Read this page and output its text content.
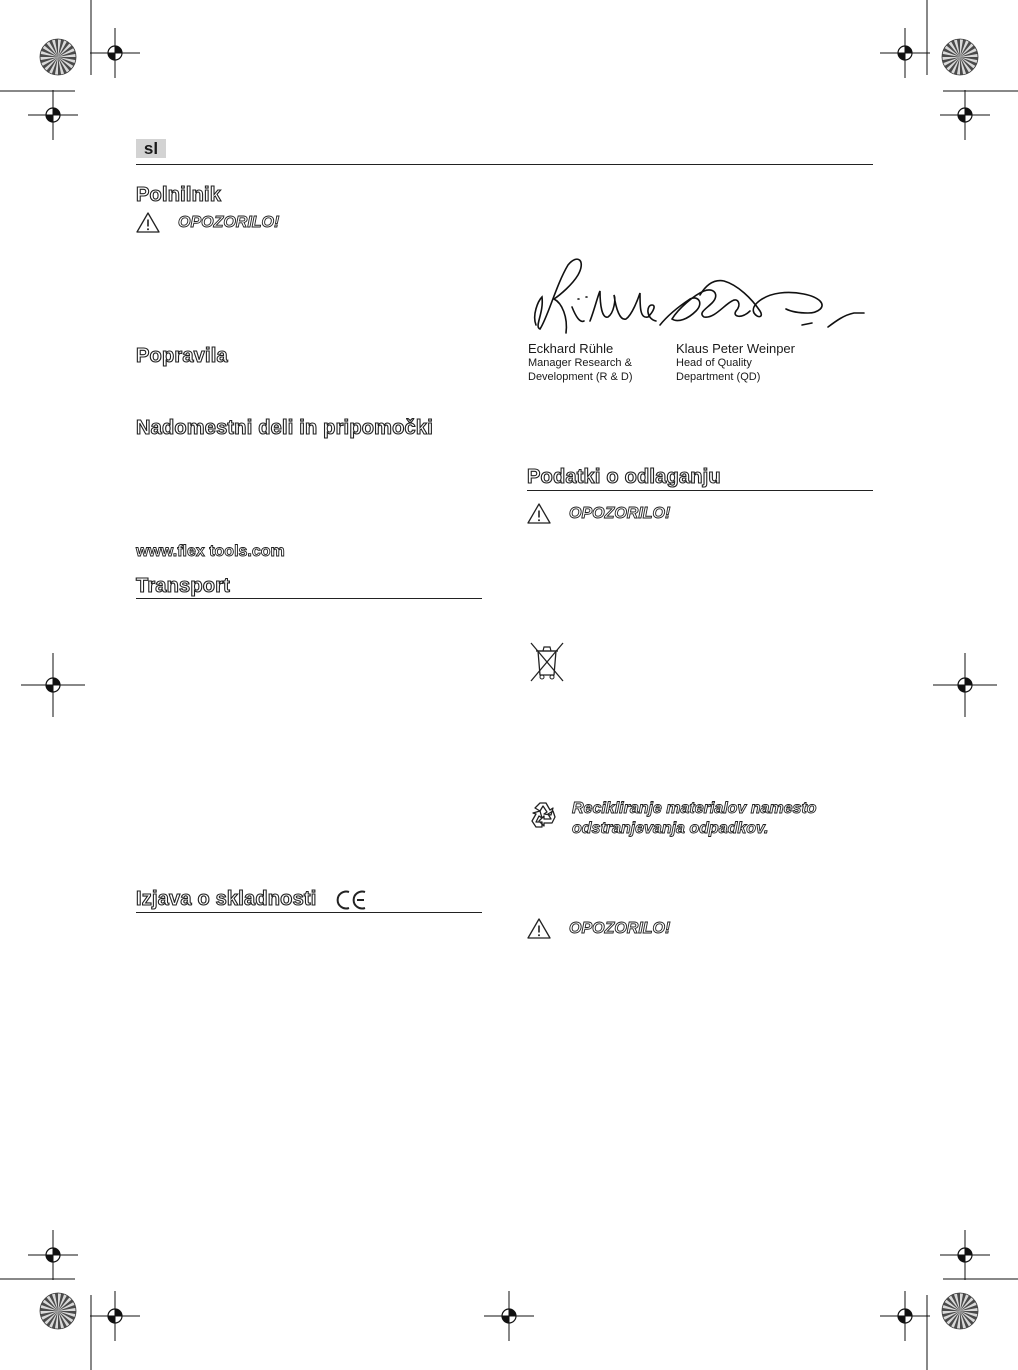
sl
Polnilnik
OPOZORILO!
Popravila
Nadomestni deli in pripomočki
www.flex tools.com
Transport
Izjava o skladnosti
Eckhard Rühle
Manager Research &
Development (R & D)
Klaus Peter Weinper
Head of Quality
Department (QD)
Podatki o odlaganju
OPOZORILO!
Recikliranje materialov namesto
odstranjevanja odpadkov.
OPOZORILO!
